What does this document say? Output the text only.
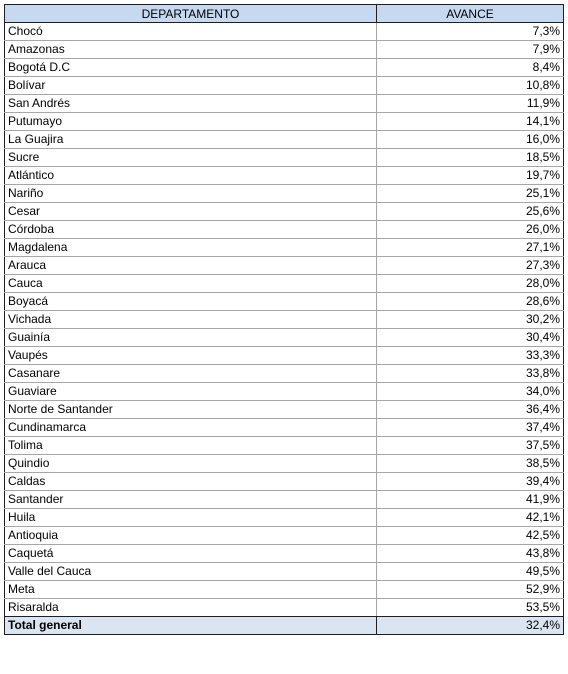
DEPARTAMENTO	AVANCE
Chocó	7,3%
Amazonas	7,9%
Bogotá D.C	8,4%
Bolívar	10,8%
San Andrés	11,9%
Putumayo	14,1%
La Guajira	16,0%
Sucre	18,5%
Atlántico	19,7%
Nariño	25,1%
Cesar	25,6%
Córdoba	26,0%
Magdalena	27,1%
Arauca	27,3%
Cauca	28,0%
Boyacá	28,6%
Vichada	30,2%
Guainía	30,4%
Vaupés	33,3%
Casanare	33,8%
Guaviare	34,0%
Norte de Santander	36,4%
Cundinamarca	37,4%
Tolima	37,5%
Quindio	38,5%
Caldas	39,4%
Santander	41,9%
Huila	42,1%
Antioquia	42,5%
Caquetá	43,8%
Valle del Cauca	49,5%
Meta	52,9%
Risaralda	53,5%
Total general	32,4%
